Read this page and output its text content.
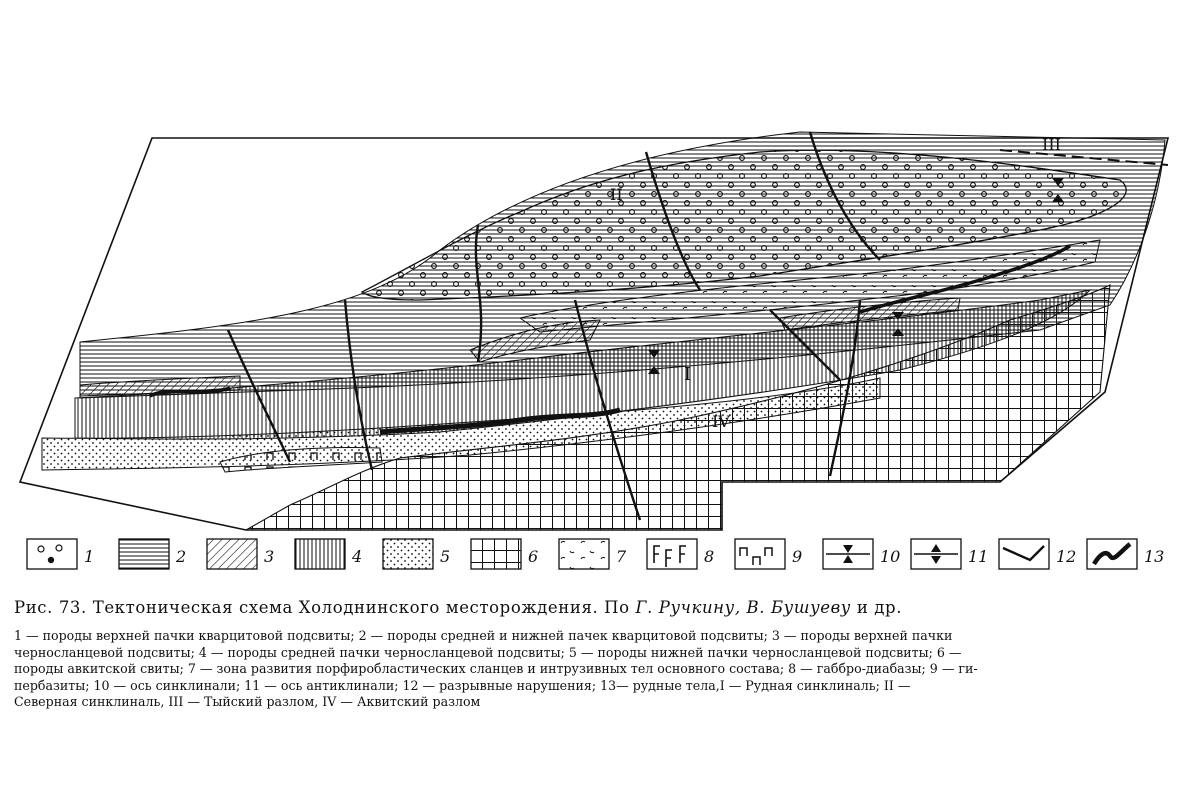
I
II
III
IV
1	2	3	4	5	6	7	8	9	10	11	12	13
Рис. 73. Тектоническая схема Холоднинского месторождения. По Г. Ручкину, В. Бушуеву и др.

1 — породы верхней пачки кварцитовой подсвиты; 2 — породы средней и нижней пачек кварцитовой подсвиты; 3 — породы верхней пачки

черносланцевой подсвиты; 4 — породы средней пачки черносланцевой подсвиты; 5 — породы нижней пачки черносланцевой подсвиты; 6 —

породы авкитской свиты; 7 — зона развития порфиробластических сланцев и интрузивных тел основного состава; 8 — габбро-диабазы; 9 — ги-

пербазиты; 10 — ось синклинали; 11 — ось антиклинали; 12 — разрывные нарушения; 13— рудные тела,I — Рудная синклиналь; II —

Северная синклиналь, III — Тыйский разлом, IV — Аквитский разлом
